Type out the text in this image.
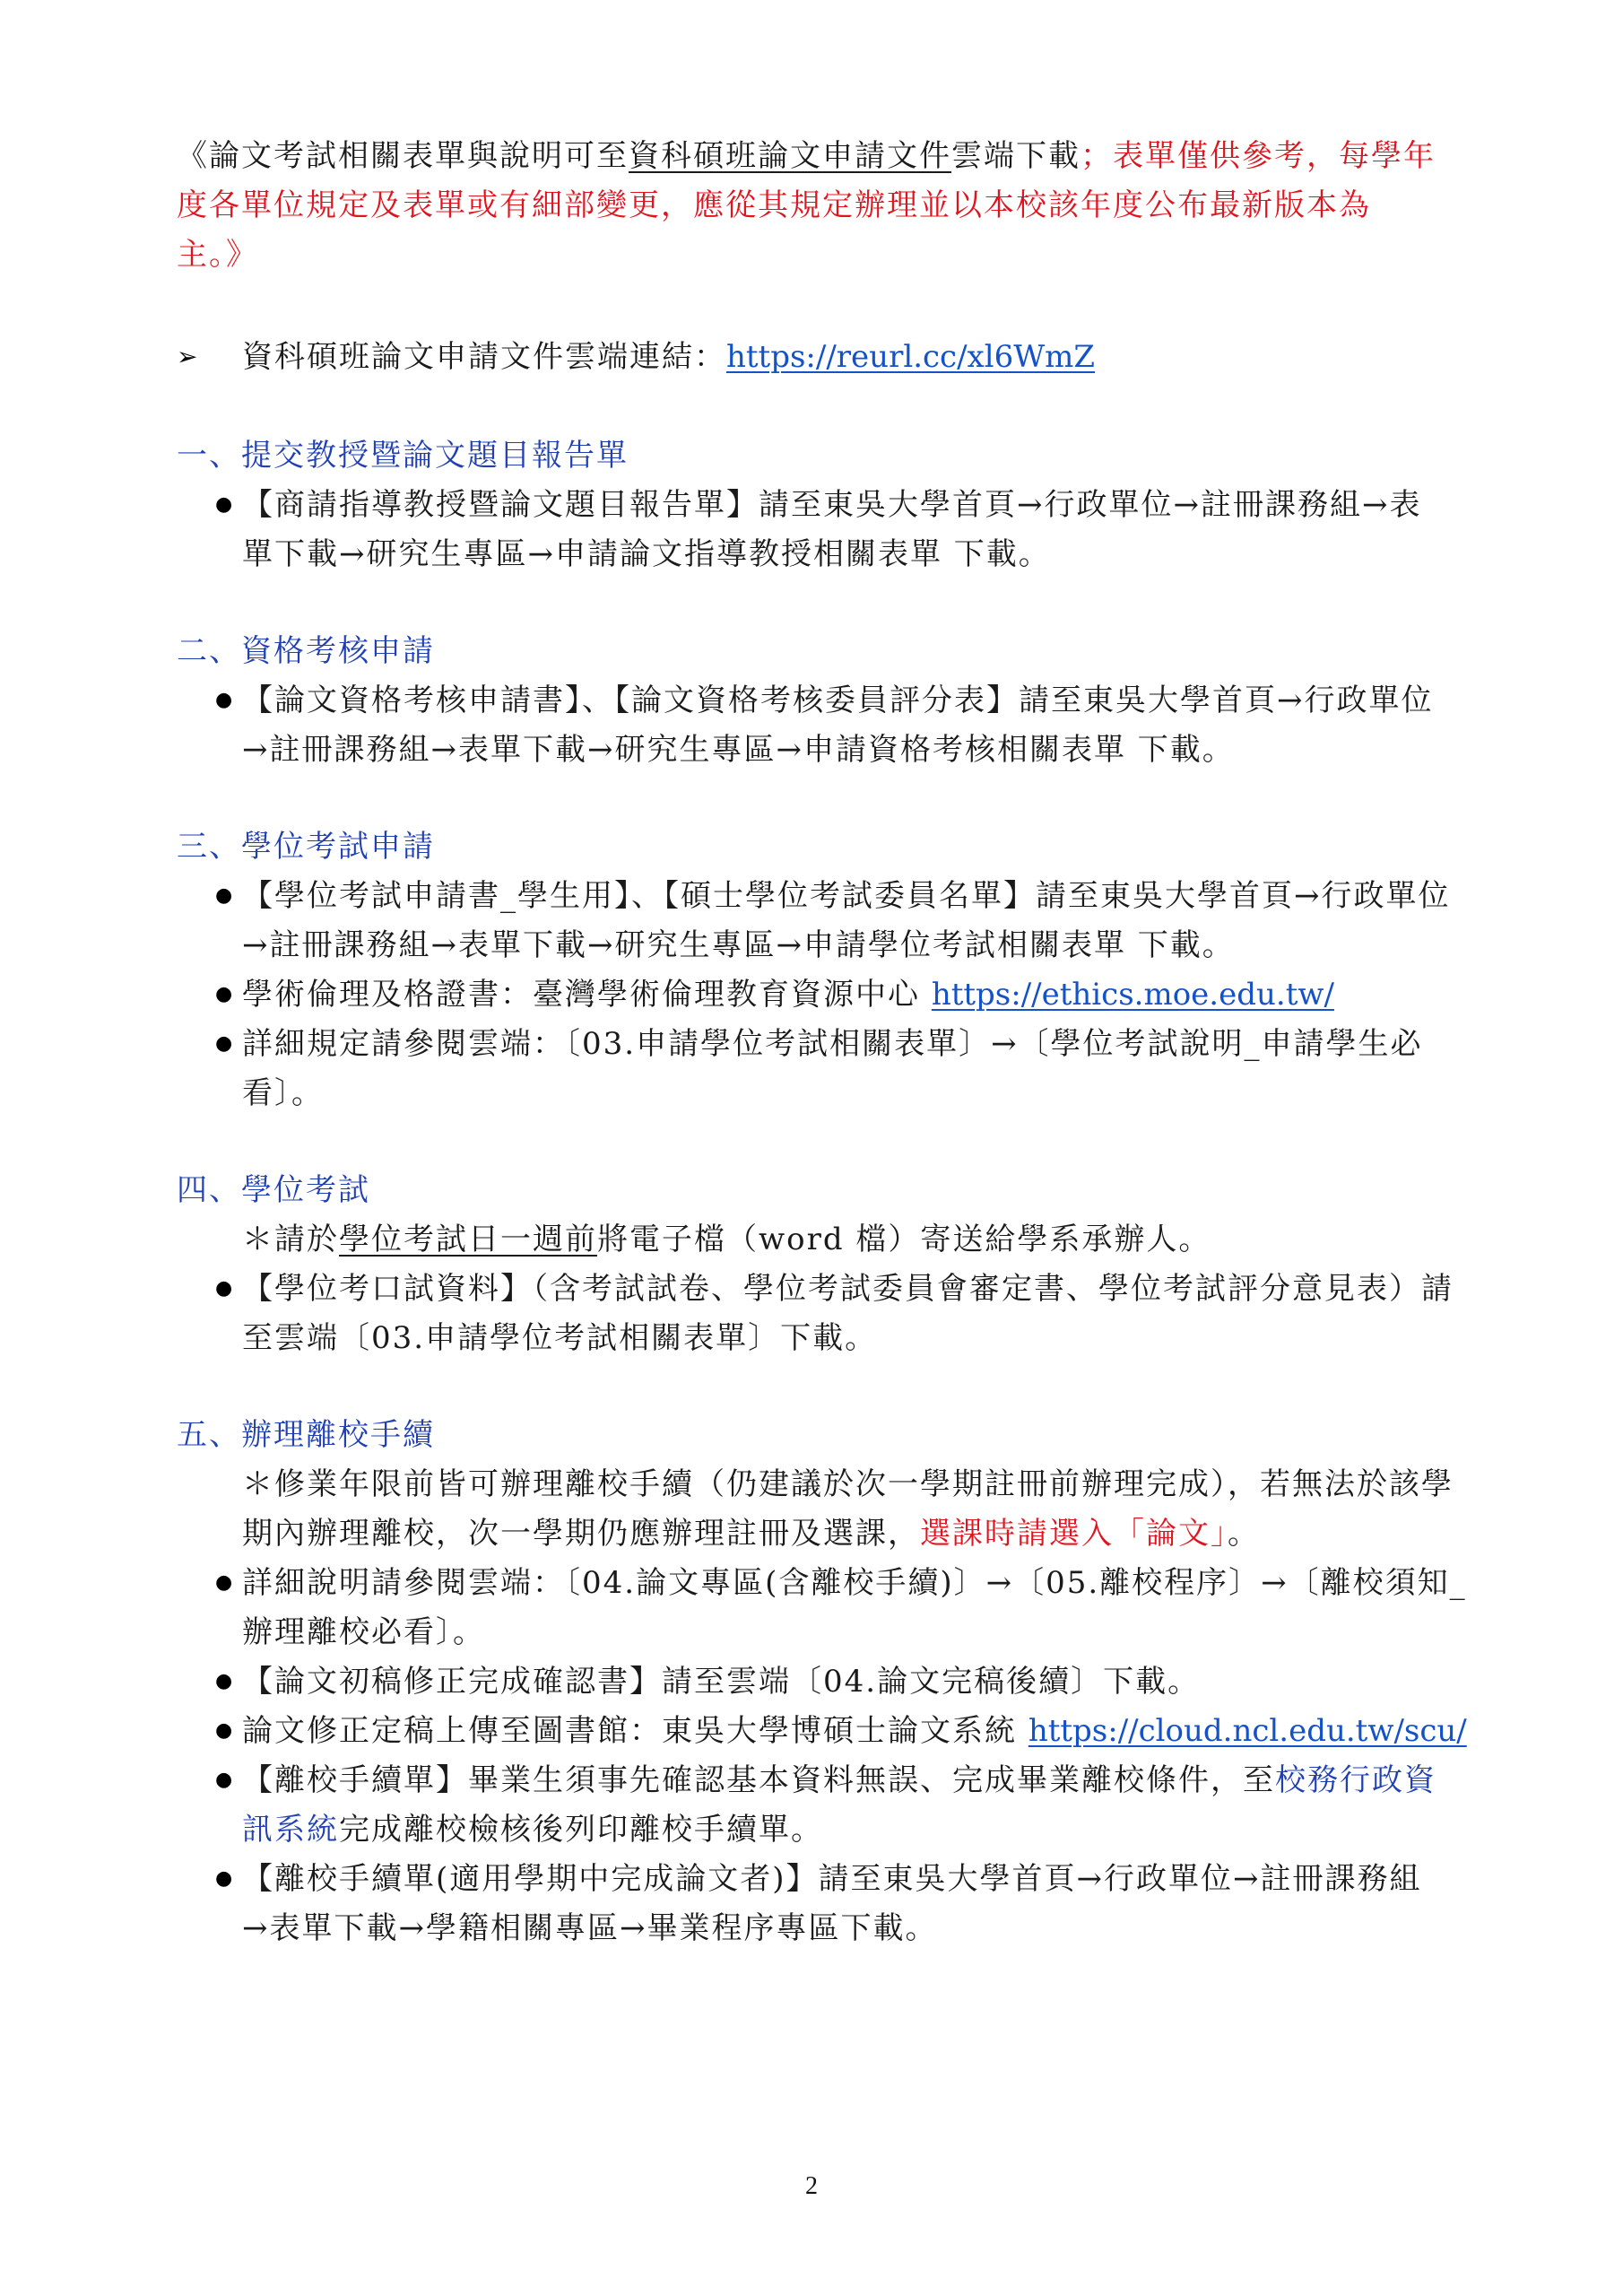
《論文考試相關表單與說明可至資科碩班論文申請文件雲端下載；表單僅供參考，每學年
度各單位規定及表單或有細部變更，應從其規定辦理並以本校該年度公布最新版本為
主。》
➢	資科碩班論文申請文件雲端連結：https://reurl.cc/xl6WmZ
一、提交教授暨論文題目報告單
● 【商請指導教授暨論文題目報告單】請至東吳大學首頁→行政單位→註冊課務組→表
單下載→研究生專區→申請論文指導教授相關表單 下載。
二、資格考核申請
● 【論文資格考核申請書】、【論文資格考核委員評分表】請至東吳大學首頁→行政單位
→註冊課務組→表單下載→研究生專區→申請資格考核相關表單 下載。
三、學位考試申請
● 【學位考試申請書_學生用】、【碩士學位考試委員名單】請至東吳大學首頁→行政單位
→註冊課務組→表單下載→研究生專區→申請學位考試相關表單 下載。
● 學術倫理及格證書：臺灣學術倫理教育資源中心 https://ethics.moe.edu.tw/
● 詳細規定請參閱雲端：〔03.申請學位考試相關表單〕→〔學位考試說明_申請學生必
看〕。
四、學位考試
＊請於學位考試日一週前將電子檔（word 檔）寄送給學系承辦人。
● 【學位考口試資料】（含考試試卷、學位考試委員會審定書、學位考試評分意見表）請
至雲端〔03.申請學位考試相關表單〕下載。
五、辦理離校手續
＊修業年限前皆可辦理離校手續（仍建議於次一學期註冊前辦理完成），若無法於該學
期內辦理離校，次一學期仍應辦理註冊及選課，選課時請選入「論文」。
● 詳細說明請參閱雲端：〔04.論文專區(含離校手續)〕→〔05.離校程序〕→〔離校須知_
辦理離校必看〕。
● 【論文初稿修正完成確認書】請至雲端〔04.論文完稿後續〕下載。
● 論文修正定稿上傳至圖書館：東吳大學博碩士論文系統 https://cloud.ncl.edu.tw/scu/
● 【離校手續單】畢業生須事先確認基本資料無誤、完成畢業離校條件，至校務行政資
訊系統完成離校檢核後列印離校手續單。
● 【離校手續單(適用學期中完成論文者)】請至東吳大學首頁→行政單位→註冊課務組
→表單下載→學籍相關專區→畢業程序專區下載。
2
